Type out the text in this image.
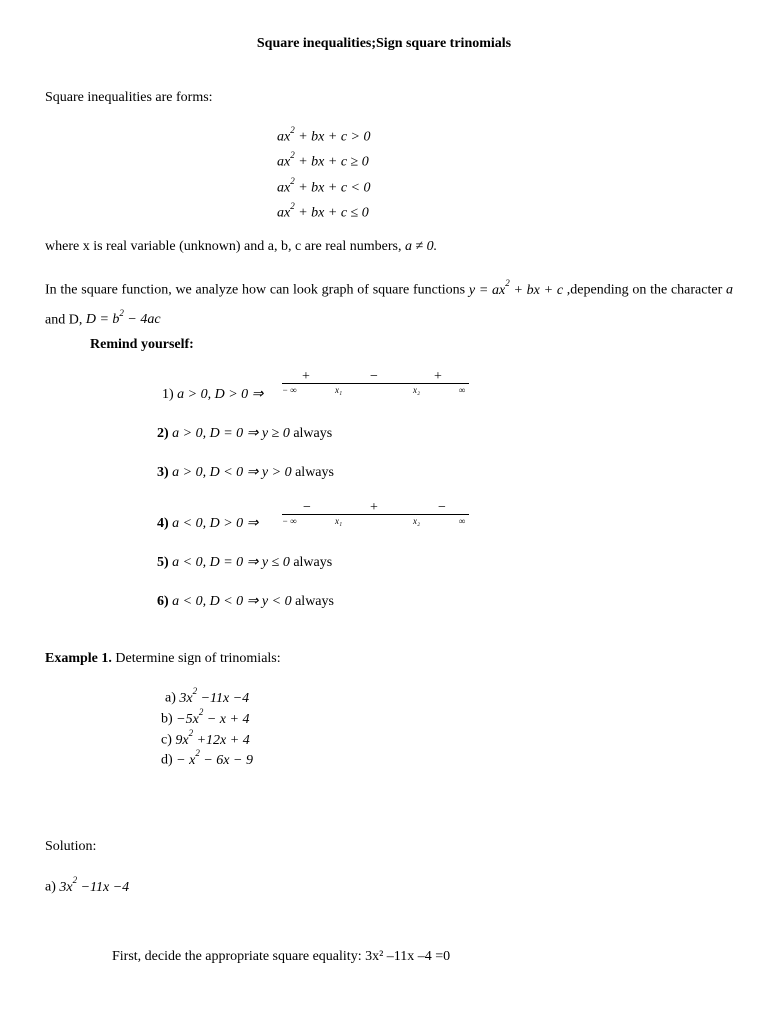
Square inequalities;Sign square trinomials
Square inequalities are forms:
$ax^2$ + bx + c > 0
$ax^2$ + bx + c ≥ 0
$ax^2$ + bx + c < 0
$ax^2$ + bx + c ≤ 0
where x is real variable (unknown) and a, b, c are real numbers, a ≠ 0.
In the square function, we analyze how can look graph of square functions $y = ax^2$ + bx + c ,depending on the character a and D, $D = b^2 - 4ac$
Remind yourself:
1) a > 0, D > 0 ⇒
+	−	+
− ∞	x₁	x₂	∞
2) a > 0, D = 0 ⇒ y ≥ 0 always
3) a > 0, D < 0 ⇒ y > 0 always
4) a < 0, D > 0 ⇒
−	+	−
− ∞	x₁	x₂	∞
5) a < 0, D = 0 ⇒ y ≤ 0 always
6) a < 0, D < 0 ⇒ y < 0 always
Example 1. Determine sign of trinomials:
a) $3x^2 -11x -4$
$b) -5x^2 - x + 4$
c) $9x^2 +12x + 4$
$d) - x^2 - 6x - 9$
Solution:
a) $3x^2 -11x -4$
First, decide the appropriate square equality: 3x² –11x –4 =0
